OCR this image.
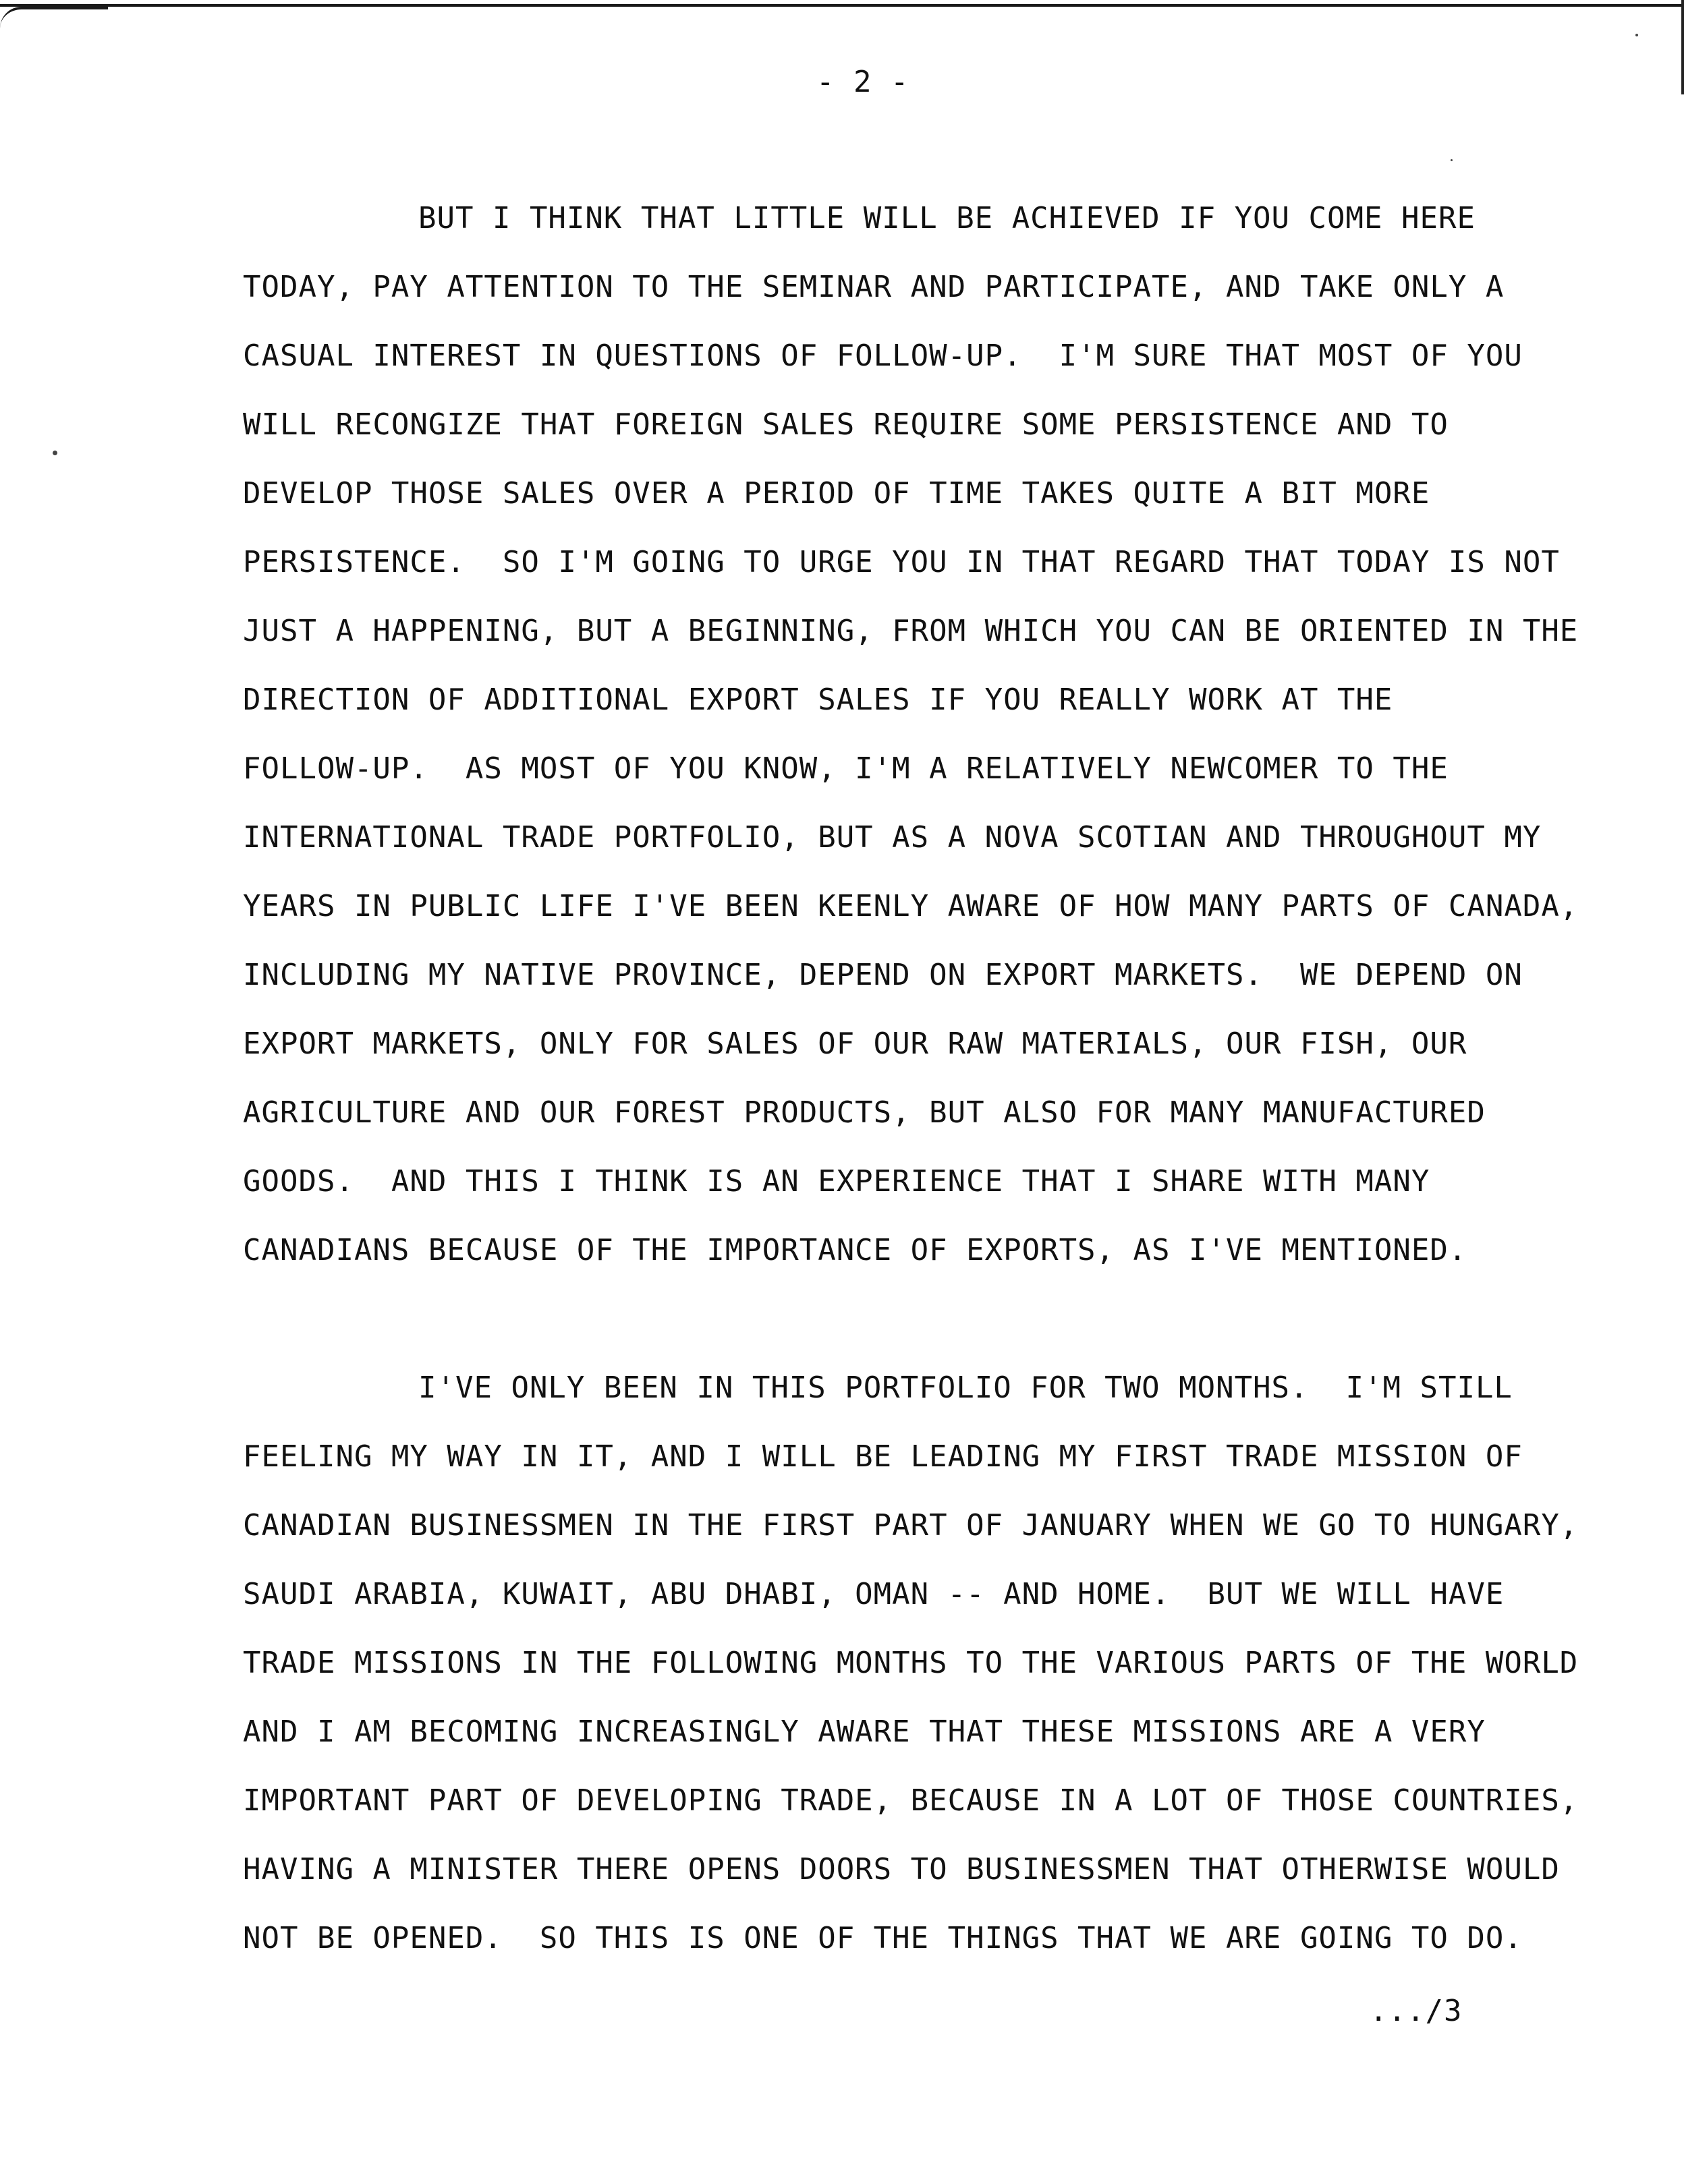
- 2 -
BUT I THINK THAT LITTLE WILL BE ACHIEVED IF YOU COME HERE
TODAY, PAY ATTENTION TO THE SEMINAR AND PARTICIPATE, AND TAKE ONLY A
CASUAL INTEREST IN QUESTIONS OF FOLLOW-UP.  I'M SURE THAT MOST OF YOU
WILL RECONGIZE THAT FOREIGN SALES REQUIRE SOME PERSISTENCE AND TO
DEVELOP THOSE SALES OVER A PERIOD OF TIME TAKES QUITE A BIT MORE
PERSISTENCE.  SO I'M GOING TO URGE YOU IN THAT REGARD THAT TODAY IS NOT
JUST A HAPPENING, BUT A BEGINNING, FROM WHICH YOU CAN BE ORIENTED IN THE
DIRECTION OF ADDITIONAL EXPORT SALES IF YOU REALLY WORK AT THE
FOLLOW-UP.  AS MOST OF YOU KNOW, I'M A RELATIVELY NEWCOMER TO THE
INTERNATIONAL TRADE PORTFOLIO, BUT AS A NOVA SCOTIAN AND THROUGHOUT MY
YEARS IN PUBLIC LIFE I'VE BEEN KEENLY AWARE OF HOW MANY PARTS OF CANADA,
INCLUDING MY NATIVE PROVINCE, DEPEND ON EXPORT MARKETS.  WE DEPEND ON
EXPORT MARKETS, ONLY FOR SALES OF OUR RAW MATERIALS, OUR FISH, OUR
AGRICULTURE AND OUR FOREST PRODUCTS, BUT ALSO FOR MANY MANUFACTURED
GOODS.  AND THIS I THINK IS AN EXPERIENCE THAT I SHARE WITH MANY
CANADIANS BECAUSE OF THE IMPORTANCE OF EXPORTS, AS I'VE MENTIONED.
I'VE ONLY BEEN IN THIS PORTFOLIO FOR TWO MONTHS.  I'M STILL
FEELING MY WAY IN IT, AND I WILL BE LEADING MY FIRST TRADE MISSION OF
CANADIAN BUSINESSMEN IN THE FIRST PART OF JANUARY WHEN WE GO TO HUNGARY,
SAUDI ARABIA, KUWAIT, ABU DHABI, OMAN -- AND HOME.  BUT WE WILL HAVE
TRADE MISSIONS IN THE FOLLOWING MONTHS TO THE VARIOUS PARTS OF THE WORLD
AND I AM BECOMING INCREASINGLY AWARE THAT THESE MISSIONS ARE A VERY
IMPORTANT PART OF DEVELOPING TRADE, BECAUSE IN A LOT OF THOSE COUNTRIES,
HAVING A MINISTER THERE OPENS DOORS TO BUSINESSMEN THAT OTHERWISE WOULD
NOT BE OPENED.  SO THIS IS ONE OF THE THINGS THAT WE ARE GOING TO DO.
.../3
